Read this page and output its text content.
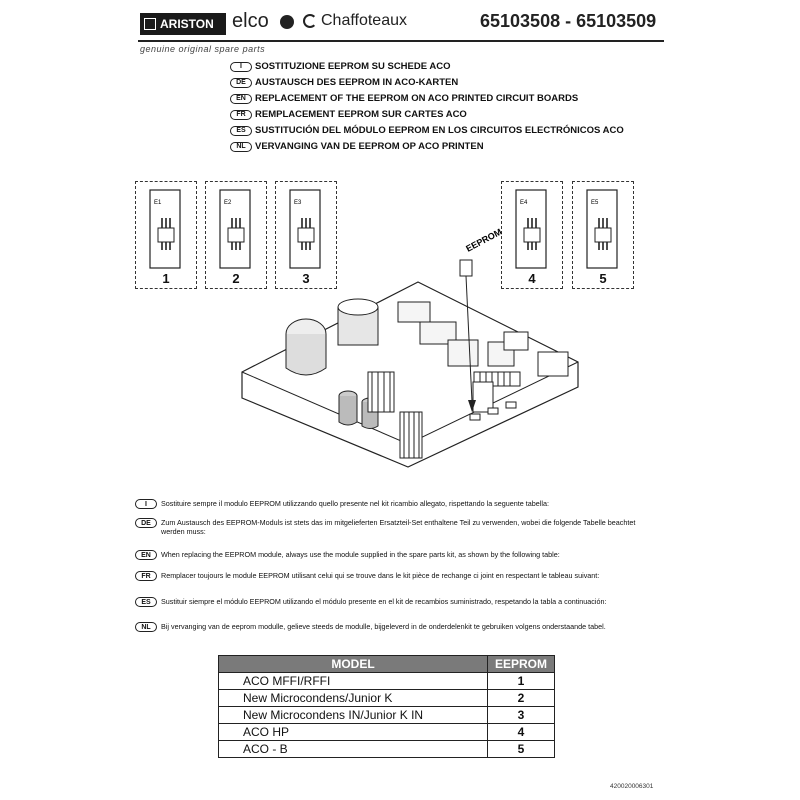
ARISTON elco	Chaffoteaux	65103508 - 65103509
genuine original spare parts
I	SOSTITUZIONE EEPROM SU SCHEDE ACO
DE AUSTAUSCH DES EEPROM IN ACO-KARTEN
EN REPLACEMENT OF THE EEPROM ON ACO PRINTED CIRCUIT BOARDS
FR REMPLACEMENT EEPROM SUR CARTES ACO
ES SUSTITUCIÓN DEL MÓDULO EEPROM EN LOS CIRCUITOS ELECTRÓNICOS ACO
NL VERVANGING VAN DE EEPROM OP ACO PRINTEN
E1
1
E2
2
E3
3
E4
4
E5
5
EEPROM
I	Sostituire sempre il modulo EEPROM utilizzando quello presente nel kit ricambio allegato, rispettando la seguente tabella:
DE	Zum Austausch des EEPROM-Moduls ist stets das im mitgelieferten Ersatzteil-Set enthaltene Teil zu verwenden, wobei die folgende Tabelle beachtet werden muss:
EN	When replacing the EEPROM module, always use the module supplied in the spare parts kit, as shown by the following table:
FR	Remplacer toujours le module EEPROM utilisant celui qui se trouve dans le kit pièce de rechange ci joint en respectant le tableau suivant:
ES	Sustituir siempre el módulo EEPROM utilizando el módulo presente en el kit de recambios suministrado, respetando la tabla a continuación:
NL	Bij vervanging van de eeprom modulle, gelieve steeds de modulle, bijgeleverd in de onderdelenkit te gebruiken volgens onderstaande tabel.
MODEL	EEPROM
ACO MFFI/RFFI	1
New Microcondens/Junior K	2
New Microcondens IN/Junior K IN	3
ACO HP	4
ACO - B	5
420020006301
